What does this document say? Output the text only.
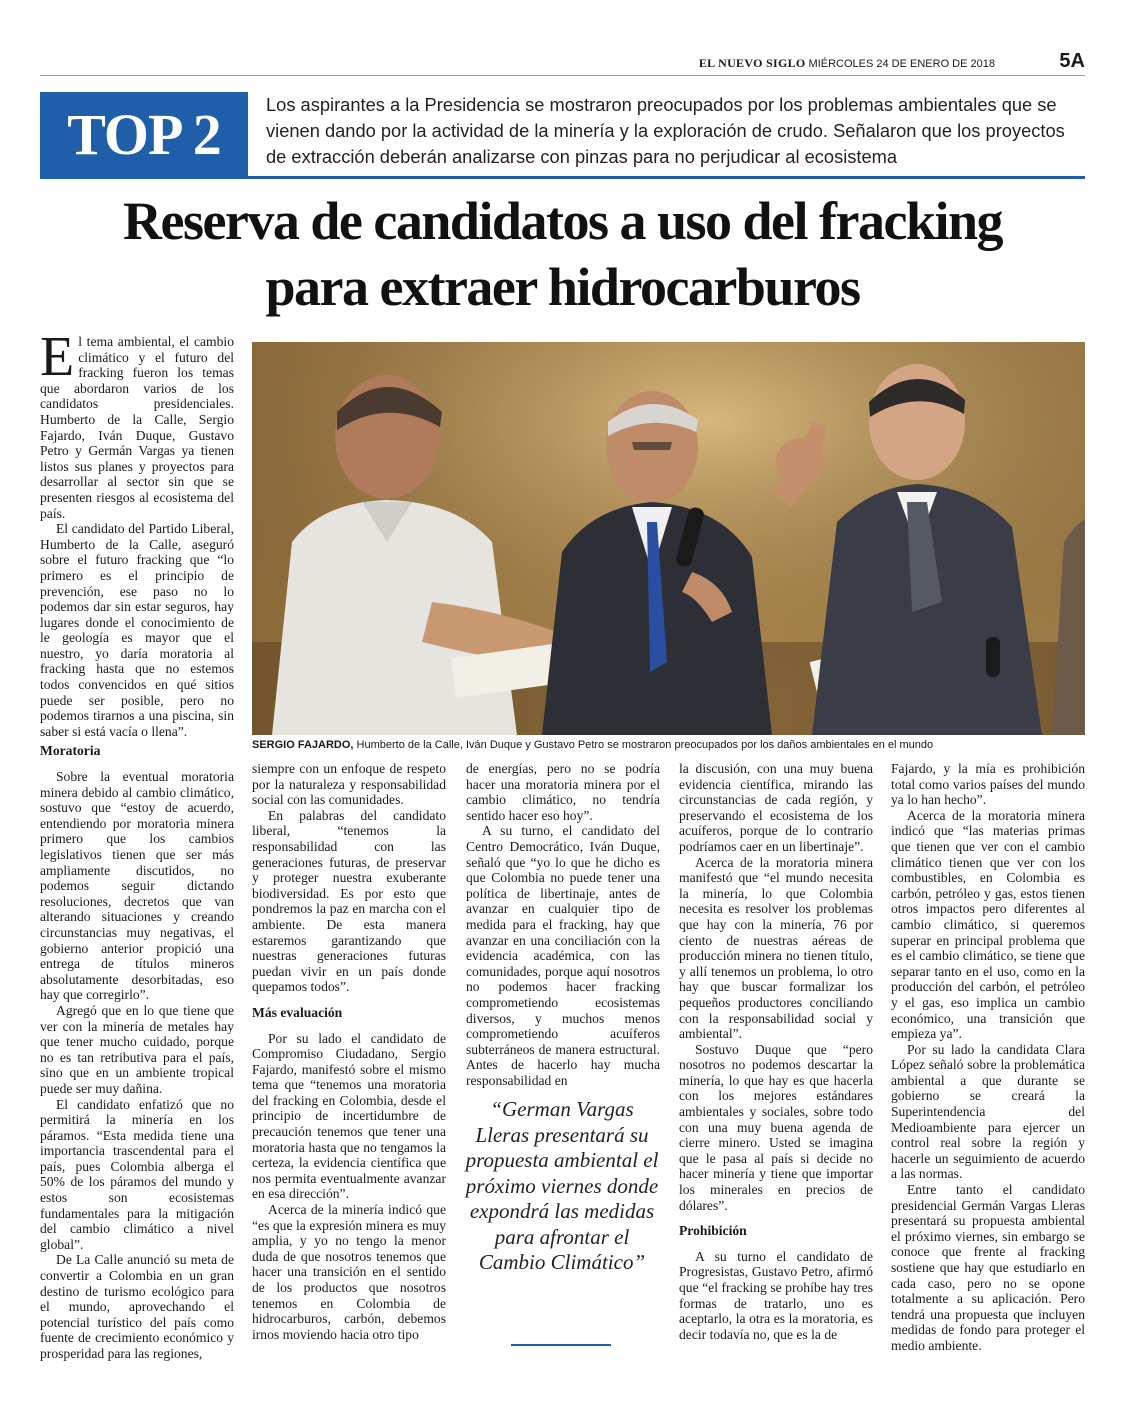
EL NUEVO SIGLO MIÉRCOLES 24 DE ENERO DE 2018	5A
TOP 2	Los aspirantes a la Presidencia se mostraron preocupados por los problemas ambientales que se vienen dando por la actividad de la minería y la exploración de crudo. Señalaron que los proyectos de extracción deberán analizarse con pinzas para no perjudicar al ecosistema
Reserva de candidatos a uso del fracking
para extraer hidrocarburos
SERGIO FAJARDO, Humberto de la Calle, Iván Duque y Gustavo Petro se mostraron preocupados por los daños ambientales en el mundo

El tema ambiental, el cambio climático y el futuro del fracking fueron los temas que abordaron varios de los candidatos presidenciales. Humberto de la Calle, Sergio Fajardo, Iván Duque, Gustavo Petro y Germán Vargas ya tienen listos sus planes y proyectos para desarrollar al sector sin que se presenten riesgos al ecosistema del país.

El candidato del Partido Liberal, Humberto de la Calle, aseguró sobre el futuro fracking que “lo primero es el principio de prevención, ese paso no lo podemos dar sin estar seguros, hay lugares donde el conocimiento de le geología es mayor que el nuestro, yo daría moratoria al fracking hasta que no estemos todos convencidos en qué sitios puede ser posible, pero no podemos tirarnos a una piscina, sin saber si está vacía o llena”.

Moratoria

Sobre la eventual moratoria minera debido al cambio climático, sostuvo que “estoy de acuerdo, entendiendo por moratoria minera primero que los cambios legislativos tienen que ser más ampliamente discutidos, no podemos seguir dictando resoluciones, decretos que van alterando situaciones y creando circunstancias muy negativas, el gobierno anterior propició una entrega de títulos mineros absolutamente desorbitadas, eso hay que corregirlo”.

Agregó que en lo que tiene que ver con la minería de metales hay que tener mucho cuidado, porque no es tan retributiva para el país, sino que en un ambiente tropical puede ser muy dañina.

El candidato enfatizó que no permitirá la minería en los páramos. “Esta medida tiene una importancia trascendental para el país, pues Colombia alberga el 50% de los páramos del mundo y estos son ecosistemas fundamentales para la mitigación del cambio climático a nivel global”.

De La Calle anunció su meta de convertir a Colombia en un gran destino de turismo ecológico para el mundo, aprovechando el potencial turístico del país como fuente de crecimiento económico y prosperidad para las regiones,

siempre con un enfoque de respeto por la naturaleza y responsabilidad social con las comunidades.

En palabras del candidato liberal, “tenemos la responsabilidad con las generaciones futuras, de preservar y proteger nuestra exuberante biodiversidad. Es por esto que pondremos la paz en marcha con el ambiente. De esta manera estaremos garantizando que nuestras generaciones futuras puedan vivir en un país donde quepamos todos”.

Más evaluación

Por su lado el candidato de Compromiso Ciudadano, Sergio Fajardo, manifestó sobre el mismo tema que “tenemos una moratoria del fracking en Colombia, desde el principio de incertidumbre de precaución tenemos que tener una moratoria hasta que no tengamos la certeza, la evidencia científica que nos permita eventualmente avanzar en esa dirección”.

Acerca de la minería indicó que “es que la expresión minera es muy amplia, y yo no tengo la menor duda de que nosotros tenemos que hacer una transición en el sentido de los productos que nosotros tenemos en Colombia de hidrocarburos, carbón, debemos irnos moviendo hacia otro tipo

de energías, pero no se podría hacer una moratoria minera por el cambio climático, no tendría sentido hacer eso hoy”.

A su turno, el candidato del Centro Democrático, Iván Duque, señaló que “yo lo que he dicho es que Colombia no puede tener una política de libertinaje, antes de avanzar en cualquier tipo de medida para el fracking, hay que avanzar en una conciliación con la evidencia académica, con las comunidades, porque aquí nosotros no podemos hacer fracking comprometiendo ecosistemas diversos, y muchos menos comprometiendo acuíferos subterráneos de manera estructural. Antes de hacerlo hay mucha responsabilidad en

“German Vargas Lleras presentará su propuesta ambiental el próximo viernes donde expondrá las medidas para afrontar el Cambio Climático”

la discusión, con una muy buena evidencia científica, mirando las circunstancias de cada región, y preservando el ecosistema de los acuíferos, porque de lo contrario podríamos caer en un libertinaje”.

Acerca de la moratoria minera manifestó que “el mundo necesita la minería, lo que Colombia necesita es resolver los problemas que hay con la minería, 76 por ciento de nuestras aéreas de producción minera no tienen título, y allí tenemos un problema, lo otro hay que buscar formalizar los pequeños productores conciliando con la responsabilidad social y ambiental”.

Sostuvo Duque que “pero nosotros no podemos descartar la minería, lo que hay es que hacerla con los mejores estándares ambientales y sociales, sobre todo con una muy buena agenda de cierre minero. Usted se imagina que le pasa al país si decide no hacer minería y tiene que importar los minerales en precios de dólares”.

Prohibición

A su turno el candidato de Progresistas, Gustavo Petro, afirmó que “el fracking se prohíbe hay tres formas de tratarlo, uno es aceptarlo, la otra es la moratoria, es decir todavía no, que es la de

Fajardo, y la mía es prohibición total como varios países del mundo ya lo han hecho”.

Acerca de la moratoria minera indicó que “las materias primas que tienen que ver con el cambio climático tienen que ver con los combustibles, en Colombia es carbón, petróleo y gas, estos tienen otros impactos pero diferentes al cambio climático, si queremos superar en principal problema que es el cambio climático, se tiene que separar tanto en el uso, como en la producción del carbón, el petróleo y el gas, eso implica un cambio económico, una transición que empieza ya”.

Por su lado la candidata Clara López señaló sobre la problemática ambiental a que durante se gobierno se creará la Superintendencia del Medioambiente para ejercer un control real sobre la región y hacerle un seguimiento de acuerdo a las normas.

Entre tanto el candidato presidencial Germán Vargas Lleras presentará su propuesta ambiental el próximo viernes, sin embargo se conoce que frente al fracking sostiene que hay que estudiarlo en cada caso, pero no se opone totalmente a su aplicación. Pero tendrá una propuesta que incluyen medidas de fondo para proteger el medio ambiente.
